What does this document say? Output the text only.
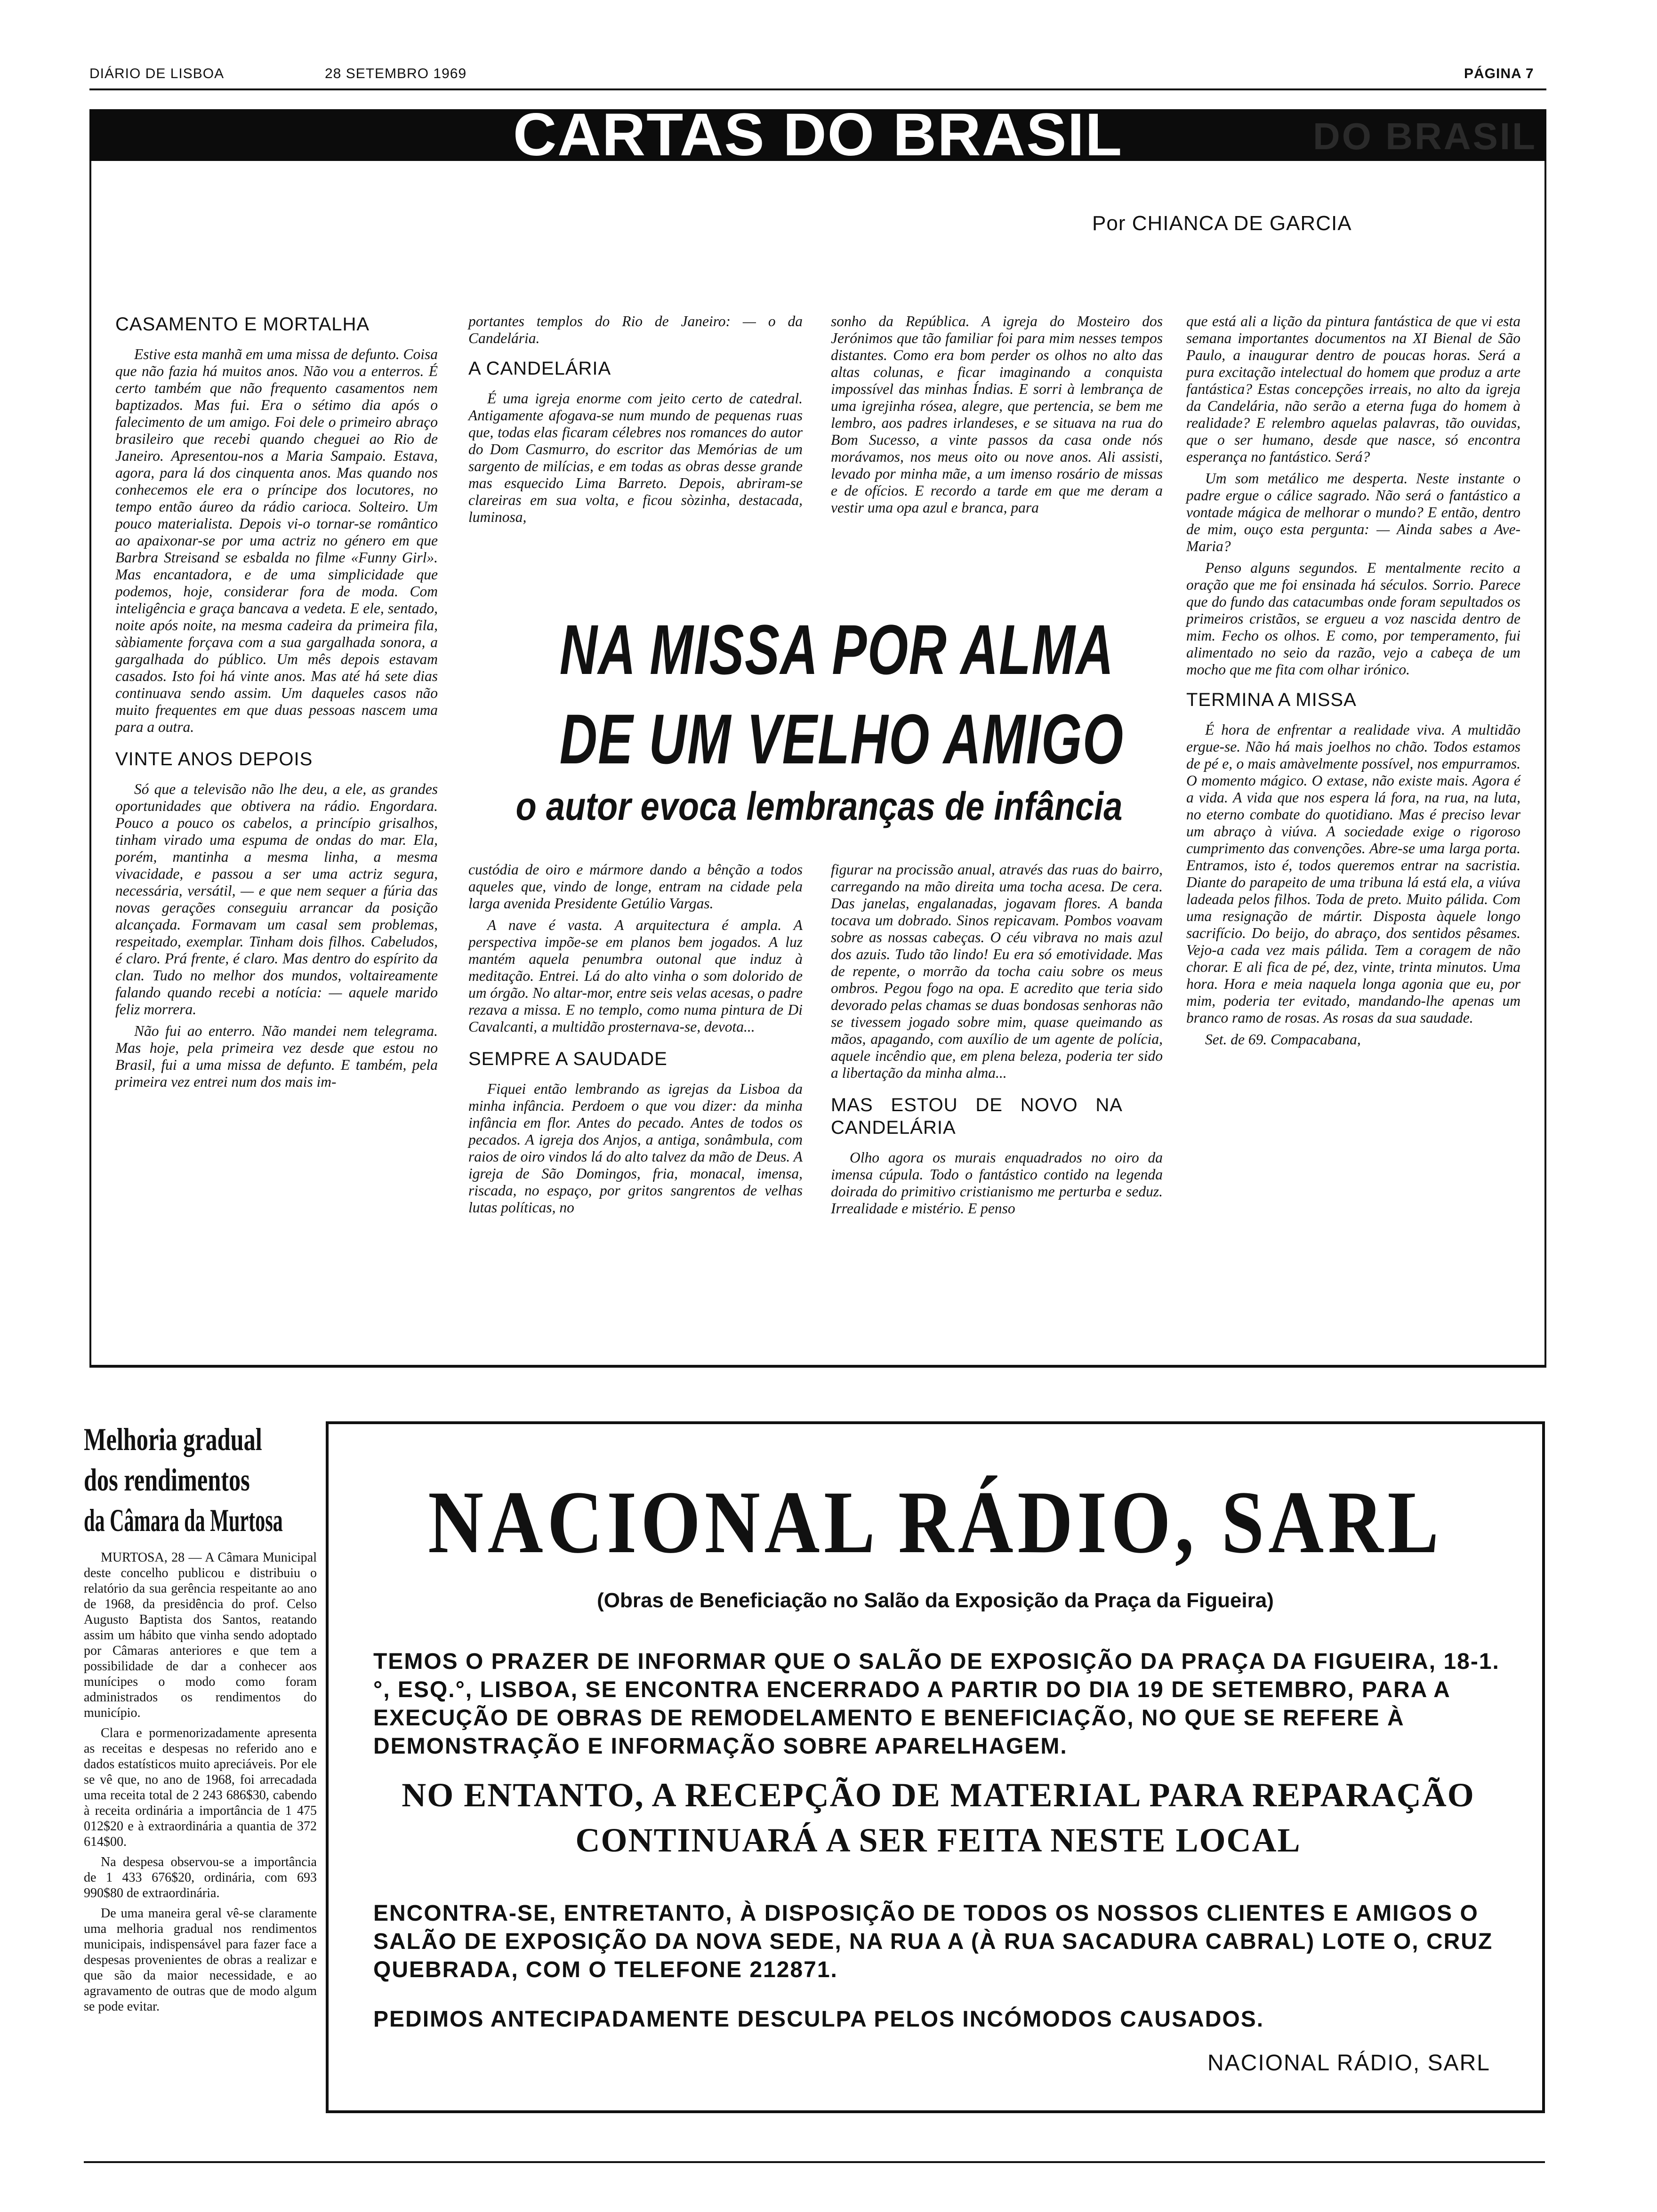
DIÁRIO DE LISBOA	28 SETEMBRO 1969	PÁGINA 7
DO BRASIL
CARTAS DO BRASIL
Por CHIANCA DE GARCIA
CASAMENTO E MORTALHA

Estive esta manhã em uma missa de defunto. Coisa que não fazia há muitos anos. Não vou a enterros. É certo também que não frequento casamentos nem baptizados. Mas fui. Era o sétimo dia após o falecimento de um amigo. Foi dele o primeiro abraço brasileiro que recebi quando cheguei ao Rio de Janeiro. Apresentou-nos a Maria Sampaio. Estava, agora, para lá dos cinquenta anos. Mas quando nos conhecemos ele era o príncipe dos locutores, no tempo então áureo da rádio carioca. Solteiro. Um pouco materialista. Depois vi-o tornar-se romântico ao apaixonar-se por uma actriz no género em que Barbra Streisand se esbalda no filme «Funny Girl». Mas encantadora, e de uma simplicidade que podemos, hoje, considerar fora de moda. Com inteligência e graça bancava a vedeta. E ele, sentado, noite após noite, na mesma cadeira da primeira fila, sàbiamente forçava com a sua gargalhada sonora, a gargalhada do público. Um mês depois estavam casados. Isto foi há vinte anos. Mas até há sete dias continuava sendo assim. Um daqueles casos não muito frequentes em que duas pessoas nascem uma para a outra.

VINTE ANOS DEPOIS

Só que a televisão não lhe deu, a ele, as grandes oportunidades que obtivera na rádio. Engordara. Pouco a pouco os cabelos, a princípio grisalhos, tinham virado uma espuma de ondas do mar. Ela, porém, mantinha a mesma linha, a mesma vivacidade, e passou a ser uma actriz segura, necessária, versátil, — e que nem sequer a fúria das novas gerações conseguiu arrancar da posição alcançada. Formavam um casal sem problemas, respeitado, exemplar. Tinham dois filhos. Cabeludos, é claro. Prá frente, é claro. Mas dentro do espírito da clan. Tudo no melhor dos mundos, voltaireamente falando quando recebi a notícia: — aquele marido feliz morrera.

Não fui ao enterro. Não mandei nem telegrama. Mas hoje, pela primeira vez desde que estou no Brasil, fui a uma missa de defunto. E também, pela primeira vez entrei num dos mais im-

portantes templos do Rio de Janeiro: — o da Candelária.

A CANDELÁRIA

É uma igreja enorme com jeito certo de catedral. Antigamente afogava-se num mundo de pequenas ruas que, todas elas ficaram célebres nos romances do autor do Dom Casmurro, do escritor das Memórias de um sargento de milícias, e em todas as obras desse grande mas esquecido Lima Barreto. Depois, abriram-se clareiras em sua volta, e ficou sòzinha, destacada, luminosa,

sonho da República. A igreja do Mosteiro dos Jerónimos que tão familiar foi para mim nesses tempos distantes. Como era bom perder os olhos no alto das altas colunas, e ficar imaginando a conquista impossível das minhas Índias. E sorri à lembrança de uma igrejinha rósea, alegre, que pertencia, se bem me lembro, aos padres irlandeses, e se situava na rua do Bom Sucesso, a vinte passos da casa onde nós morávamos, nos meus oito ou nove anos. Ali assisti, levado por minha mãe, a um imenso rosário de missas e de ofícios. E recordo a tarde em que me deram a vestir uma opa azul e branca, para

NA MISSA POR ALMA
DE UM VELHO AMIGO
o autor evoca lembranças de infância

custódia de oiro e mármore dando a bênção a todos aqueles que, vindo de longe, entram na cidade pela larga avenida Presidente Getúlio Vargas.

A nave é vasta. A arquitectura é ampla. A perspectiva impõe-se em planos bem jogados. A luz mantém aquela penumbra outonal que induz à meditação. Entrei. Lá do alto vinha o som dolorido de um órgão. No altar-mor, entre seis velas acesas, o padre rezava a missa. E no templo, como numa pintura de Di Cavalcanti, a multidão prosternava-se, devota...

SEMPRE A SAUDADE

Fiquei então lembrando as igrejas da Lisboa da minha infância. Perdoem o que vou dizer: da minha infância em flor. Antes do pecado. Antes de todos os pecados. A igreja dos Anjos, a antiga, sonâmbula, com raios de oiro vindos lá do alto talvez da mão de Deus. A igreja de São Domingos, fria, monacal, imensa, riscada, no espaço, por gritos sangrentos de velhas lutas políticas, no

figurar na procissão anual, através das ruas do bairro, carregando na mão direita uma tocha acesa. De cera. Das janelas, engalanadas, jogavam flores. A banda tocava um dobrado. Sinos repicavam. Pombos voavam sobre as nossas cabeças. O céu vibrava no mais azul dos azuis. Tudo tão lindo! Eu era só emotividade. Mas de repente, o morrão da tocha caiu sobre os meus ombros. Pegou fogo na opa. E acredito que teria sido devorado pelas chamas se duas bondosas senhoras não se tivessem jogado sobre mim, quase queimando as mãos, apagando, com auxílio de um agente de polícia, aquele incêndio que, em plena beleza, poderia ter sido a libertação da minha alma...

MAS ESTOU DE NOVO NA CANDELÁRIA

Olho agora os murais enquadrados no oiro da imensa cúpula. Todo o fantástico contido na legenda doirada do primitivo cristianismo me perturba e seduz. Irrealidade e mistério. E penso

que está ali a lição da pintura fantástica de que vi esta semana importantes documentos na XI Bienal de São Paulo, a inaugurar dentro de poucas horas. Será a pura excitação intelectual do homem que produz a arte fantástica? Estas concepções irreais, no alto da igreja da Candelária, não serão a eterna fuga do homem à realidade? E relembro aquelas palavras, tão ouvidas, que o ser humano, desde que nasce, só encontra esperança no fantástico. Será?

Um som metálico me desperta. Neste instante o padre ergue o cálice sagrado. Não será o fantástico a vontade mágica de melhorar o mundo? E então, dentro de mim, ouço esta pergunta: — Ainda sabes a Ave-Maria?

Penso alguns segundos. E mentalmente recito a oração que me foi ensinada há séculos. Sorrio. Parece que do fundo das catacumbas onde foram sepultados os primeiros cristãos, se ergueu a voz nascida dentro de mim. Fecho os olhos. E como, por temperamento, fui alimentado no seio da razão, vejo a cabeça de um mocho que me fita com olhar irónico.

TERMINA A MISSA

É hora de enfrentar a realidade viva. A multidão ergue-se. Não há mais joelhos no chão. Todos estamos de pé e, o mais amàvelmente possível, nos empurramos. O momento mágico. O extase, não existe mais. Agora é a vida. A vida que nos espera lá fora, na rua, na luta, no eterno combate do quotidiano. Mas é preciso levar um abraço à viúva. A sociedade exige o rigoroso cumprimento das convenções. Abre-se uma larga porta. Entramos, isto é, todos queremos entrar na sacristia. Diante do parapeito de uma tribuna lá está ela, a viúva ladeada pelos filhos. Toda de preto. Muito pálida. Com uma resignação de mártir. Disposta àquele longo sacrifício. Do beijo, do abraço, dos sentidos pêsames. Vejo-a cada vez mais pálida. Tem a coragem de não chorar. E ali fica de pé, dez, vinte, trinta minutos. Uma hora. Hora e meia naquela longa agonia que eu, por mim, poderia ter evitado, mandando-lhe apenas um branco ramo de rosas. As rosas da sua saudade.

Set. de 69. Compacabana,

Melhoria gradual
dos rendimentos
da Câmara da Murtosa

MURTOSA, 28 — A Câmara Municipal deste concelho publicou e distribuiu o relatório da sua gerência respeitante ao ano de 1968, da presidência do prof. Celso Augusto Baptista dos Santos, reatando assim um hábito que vinha sendo adoptado por Câmaras anteriores e que tem a possibilidade de dar a conhecer aos munícipes o modo como foram administrados os rendimentos do município.

Clara e pormenorizadamente apresenta as receitas e despesas no referido ano e dados estatísticos muito apreciáveis. Por ele se vê que, no ano de 1968, foi arrecadada uma receita total de 2 243 686$30, cabendo à receita ordinária a importância de 1 475 012$20 e à extraordinária a quantia de 372 614$00.

Na despesa observou-se a importância de 1 433 676$20, ordinária, com 693 990$80 de extraordinária.

De uma maneira geral vê-se claramente uma melhoria gradual nos rendimentos municipais, indispensável para fazer face a despesas provenientes de obras a realizar e que são da maior necessidade, e ao agravamento de outras que de modo algum se pode evitar.

NACIONAL RÁDIO, SARL
(Obras de Beneficiação no Salão da Exposição da Praça da Figueira)
TEMOS O PRAZER DE INFORMAR QUE O SALÃO DE EXPOSIÇÃO DA PRAÇA DA FIGUEIRA, 18-1.°, ESQ.°, LISBOA, SE ENCONTRA ENCERRADO A PARTIR DO DIA 19 DE SETEMBRO, PARA A EXECUÇÃO DE OBRAS DE REMODELAMENTO E BENEFICIAÇÃO, NO QUE SE REFERE À DEMONSTRAÇÃO E INFORMAÇÃO SOBRE APARELHAGEM.
NO ENTANTO, A RECEPÇÃO DE MATERIAL PARA REPARAÇÃO
CONTINUARÁ A SER FEITA NESTE LOCAL
ENCONTRA-SE, ENTRETANTO, À DISPOSIÇÃO DE TODOS OS NOSSOS CLIENTES E AMIGOS O SALÃO DE EXPOSIÇÃO DA NOVA SEDE, NA RUA A (À RUA SACADURA CABRAL) LOTE O, CRUZ QUEBRADA, COM O TELEFONE 212871.
PEDIMOS ANTECIPADAMENTE DESCULPA PELOS INCÓMODOS CAUSADOS.
NACIONAL RÁDIO, SARL
